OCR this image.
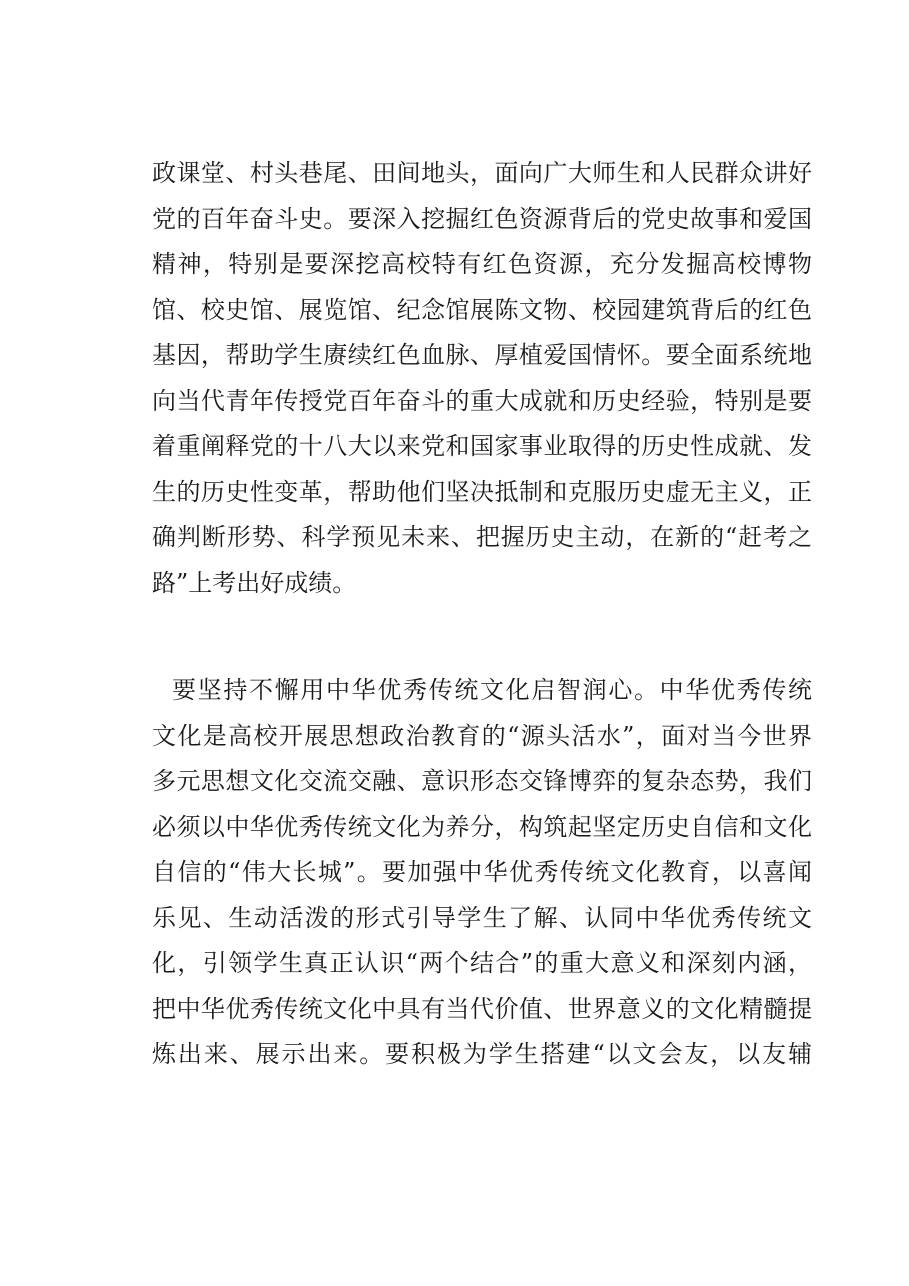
政课堂、村头巷尾、田间地头，面向广大师生和人民群众讲好
党的百年奋斗史。要深入挖掘红色资源背后的党史故事和爱国
精神，特别是要深挖高校特有红色资源，充分发掘高校博物
馆、校史馆、展览馆、纪念馆展陈文物、校园建筑背后的红色
基因，帮助学生赓续红色血脉、厚植爱国情怀。要全面系统地
向当代青年传授党百年奋斗的重大成就和历史经验，特别是要
着重阐释党的十八大以来党和国家事业取得的历史性成就、发
生的历史性变革，帮助他们坚决抵制和克服历史虚无主义，正
确判断形势、科学预见未来、把握历史主动，在新的“赶考之
路”上考出好成绩。
要坚持不懈用中华优秀传统文化启智润心。中华优秀传统
文化是高校开展思想政治教育的“源头活水”，面对当今世界
多元思想文化交流交融、意识形态交锋博弈的复杂态势，我们
必须以中华优秀传统文化为养分，构筑起坚定历史自信和文化
自信的“伟大长城”。要加强中华优秀传统文化教育，以喜闻
乐见、生动活泼的形式引导学生了解、认同中华优秀传统文
化，引领学生真正认识“两个结合”的重大意义和深刻内涵，
把中华优秀传统文化中具有当代价值、世界意义的文化精髓提
炼出来、展示出来。要积极为学生搭建“以文会友，以友辅
